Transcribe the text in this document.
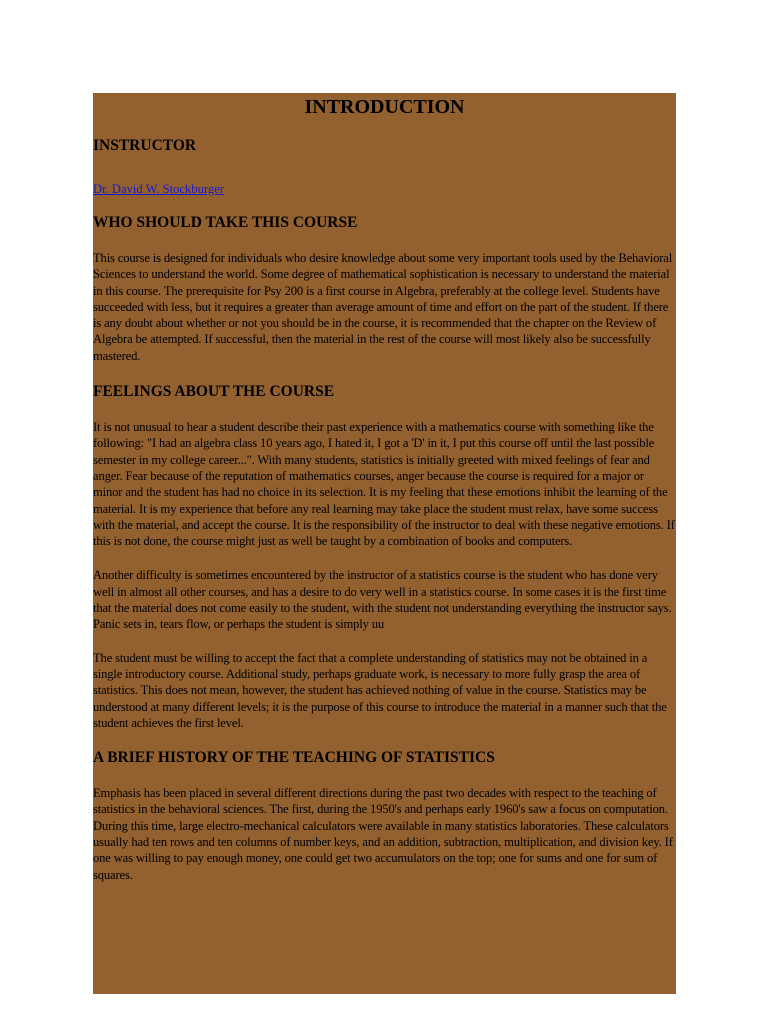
INTRODUCTION
INSTRUCTOR
Dr. David W. Stockburger
WHO SHOULD TAKE THIS COURSE

This course is designed for individuals who desire knowledge about some very important tools used by the Behavioral Sciences to understand the world. Some degree of mathematical sophistication is necessary to understand the material in this course. The prerequisite for Psy 200 is a first course in Algebra, preferably at the college level. Students have succeeded with less, but it requires a greater than average amount of time and effort on the part of the student. If there is any doubt about whether or not you should be in the course, it is recommended that the chapter on the Review of Algebra be attempted. If successful, then the material in the rest of the course will most likely also be successfully mastered.

FEELINGS ABOUT THE COURSE

It is not unusual to hear a student describe their past experience with a mathematics course with something like the following: "I had an algebra class 10 years ago, I hated it, I got a 'D' in it, I put this course off until the last possible semester in my college career...". With many students, statistics is initially greeted with mixed feelings of fear and anger. Fear because of the reputation of mathematics courses, anger because the course is required for a major or minor and the student has had no choice in its selection. It is my feeling that these emotions inhibit the learning of the material. It is my experience that before any real learning may take place the student must relax, have some success with the material, and accept the course. It is the responsibility of the instructor to deal with these negative emotions. If this is not done, the course might just as well be taught by a combination of books and computers.

Another difficulty is sometimes encountered by the instructor of a statistics course is the student who has done very well in almost all other courses, and has a desire to do very well in a statistics course. In some cases it is the first time that the material does not come easily to the student, with the student not understanding everything the instructor says. Panic sets in, tears flow, or perhaps the student is simply uu

The student must be willing to accept the fact that a complete understanding of statistics may not be obtained in a single introductory course. Additional study, perhaps graduate work, is necessary to more fully grasp the area of statistics. This does not mean, however, the student has achieved nothing of value in the course. Statistics may be understood at many different levels; it is the purpose of this course to introduce the material in a manner such that the student achieves the first level.

A BRIEF HISTORY OF THE TEACHING OF STATISTICS

Emphasis has been placed in several different directions during the past two decades with respect to the teaching of statistics in the behavioral sciences. The first, during the 1950's and perhaps early 1960's saw a focus on computation. During this time, large electro-mechanical calculators were available in many statistics laboratories. These calculators usually had ten rows and ten columns of number keys, and an addition, subtraction, multiplication, and division key. If one was willing to pay enough money, one could get two accumulators on the top; one for sums and one for sum of squares.
